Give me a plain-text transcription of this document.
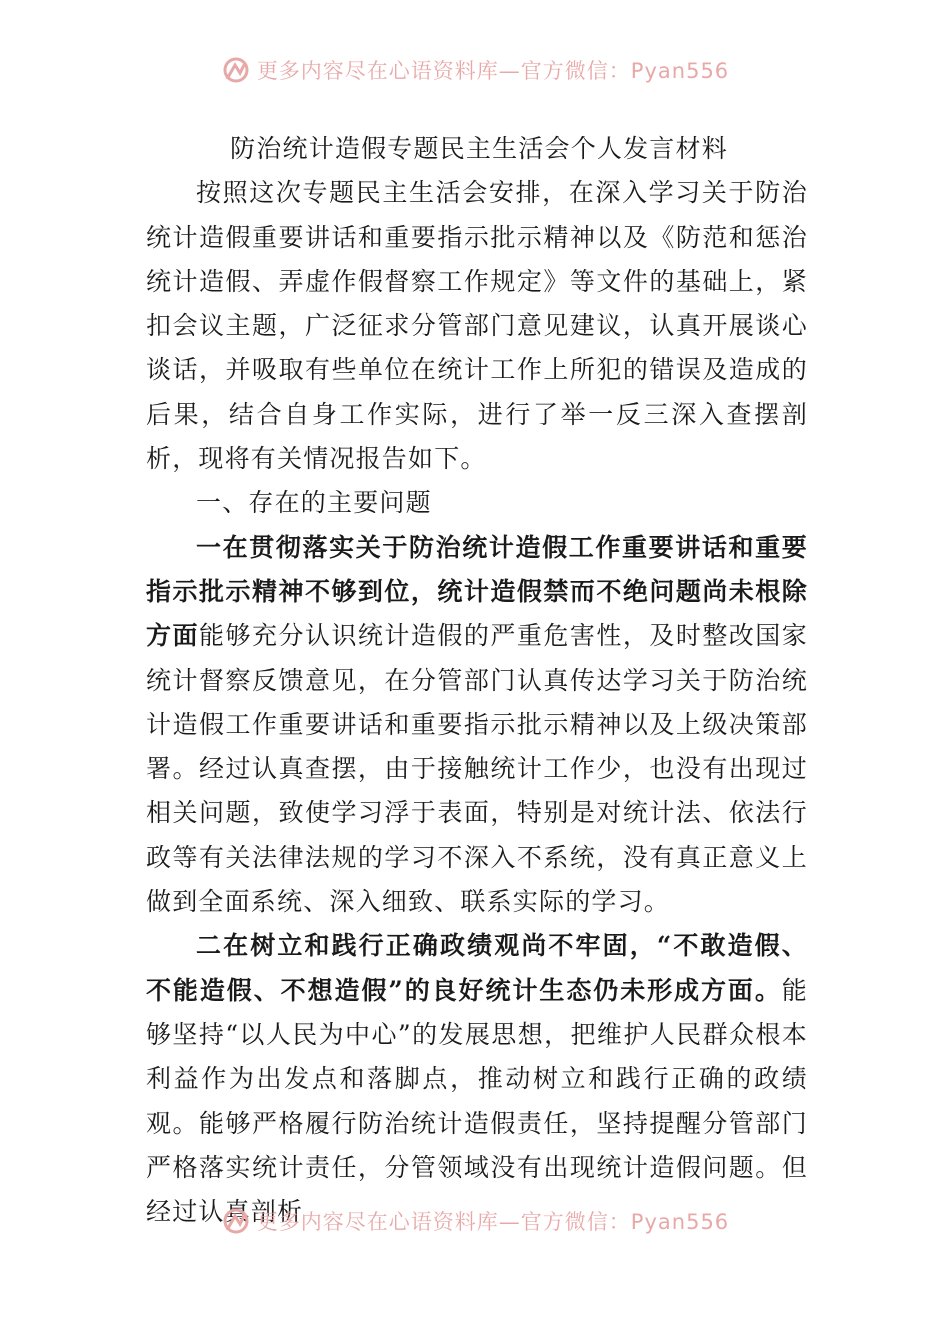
更多内容尽在心语资料库—官方微信：Pyan556
防治统计造假专题民主生活会个人发言材料

按照这次专题民主生活会安排，在深入学习关于防治统计造假重要讲话和重要指示批示精神以及《防范和惩治统计造假、弄虚作假督察工作规定》等文件的基础上，紧扣会议主题，广泛征求分管部门意见建议，认真开展谈心谈话，并吸取有些单位在统计工作上所犯的错误及造成的后果，结合自身工作实际，进行了举一反三深入查摆剖析，现将有关情况报告如下。

一、存在的主要问题

一在贯彻落实关于防治统计造假工作重要讲话和重要指示批示精神不够到位，统计造假禁而不绝问题尚未根除方面能够充分认识统计造假的严重危害性，及时整改国家统计督察反馈意见，在分管部门认真传达学习关于防治统计造假工作重要讲话和重要指示批示精神以及上级决策部署。经过认真查摆，由于接触统计工作少，也没有出现过相关问题，致使学习浮于表面，特别是对统计法、依法行政等有关法律法规的学习不深入不系统，没有真正意义上做到全面系统、深入细致、联系实际的学习。

二在树立和践行正确政绩观尚不牢固，“不敢造假、不能造假、不想造假”的良好统计生态仍未形成方面。能够坚持“以人民为中心”的发展思想，把维护人民群众根本利益作为出发点和落脚点，推动树立和践行正确的政绩观。能够严格履行防治统计造假责任，坚持提醒分管部门严格落实统计责任，分管领域没有出现统计造假问题。但经过认真剖析

更多内容尽在心语资料库—官方微信：Pyan556
